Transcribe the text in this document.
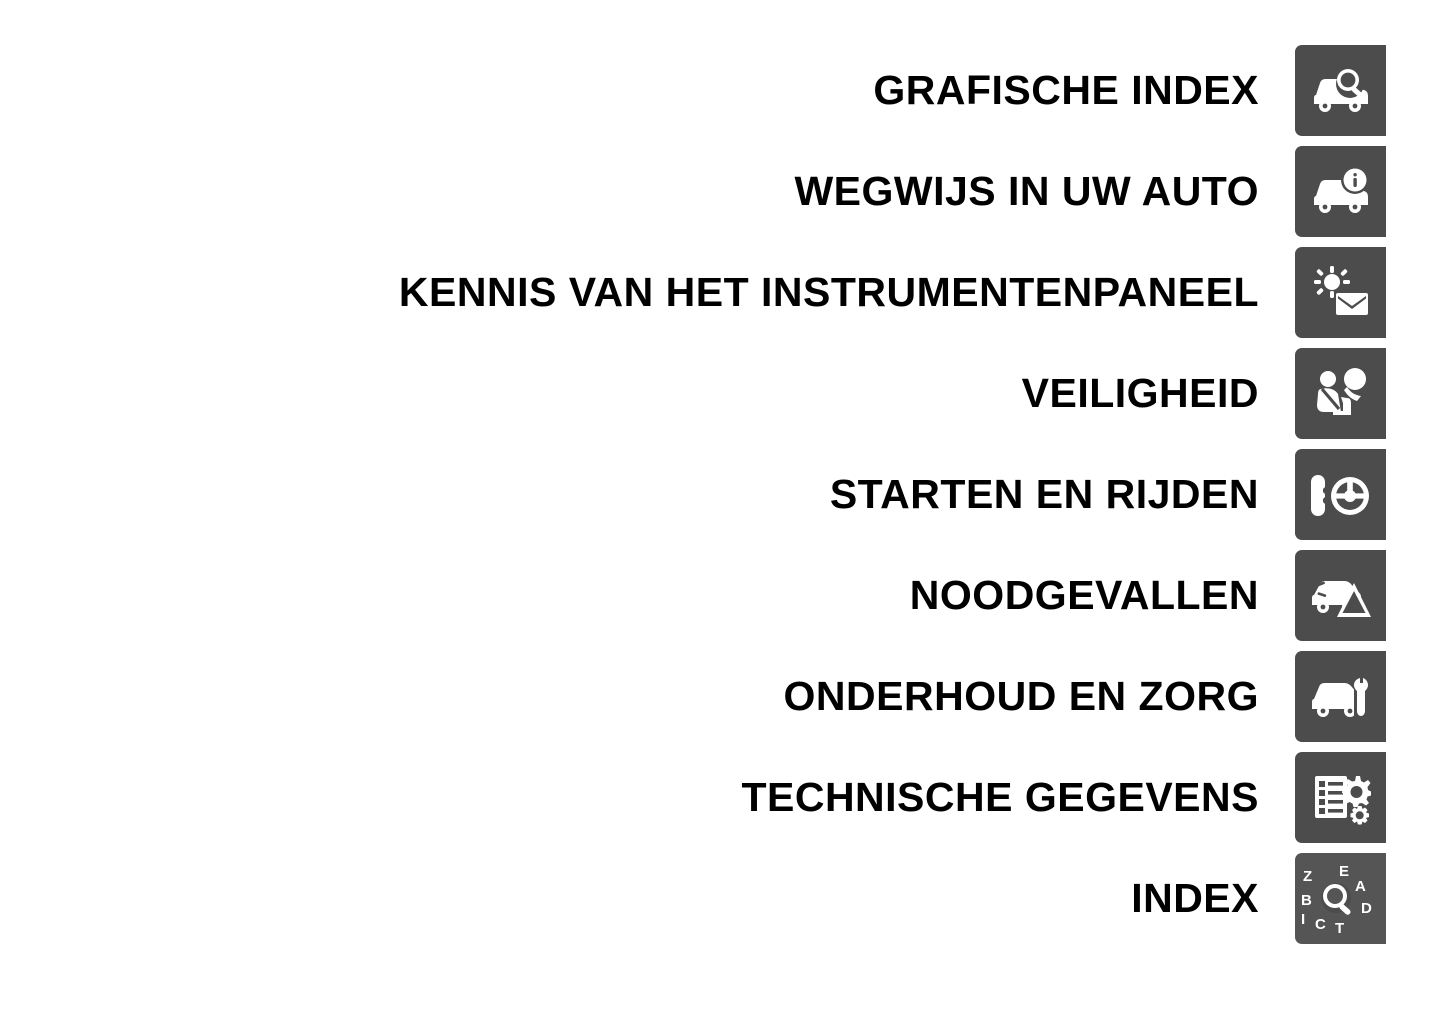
GRAFISCHE INDEX
WEGWIJS IN UW AUTO
KENNIS VAN HET INSTRUMENTENPANEEL
VEILIGHEID
STARTEN EN RIJDEN
NOODGEVALLEN
ONDERHOUD EN ZORG
TECHNISCHE GEGEVENS
INDEX	Z E
B
A
I
D
C T
